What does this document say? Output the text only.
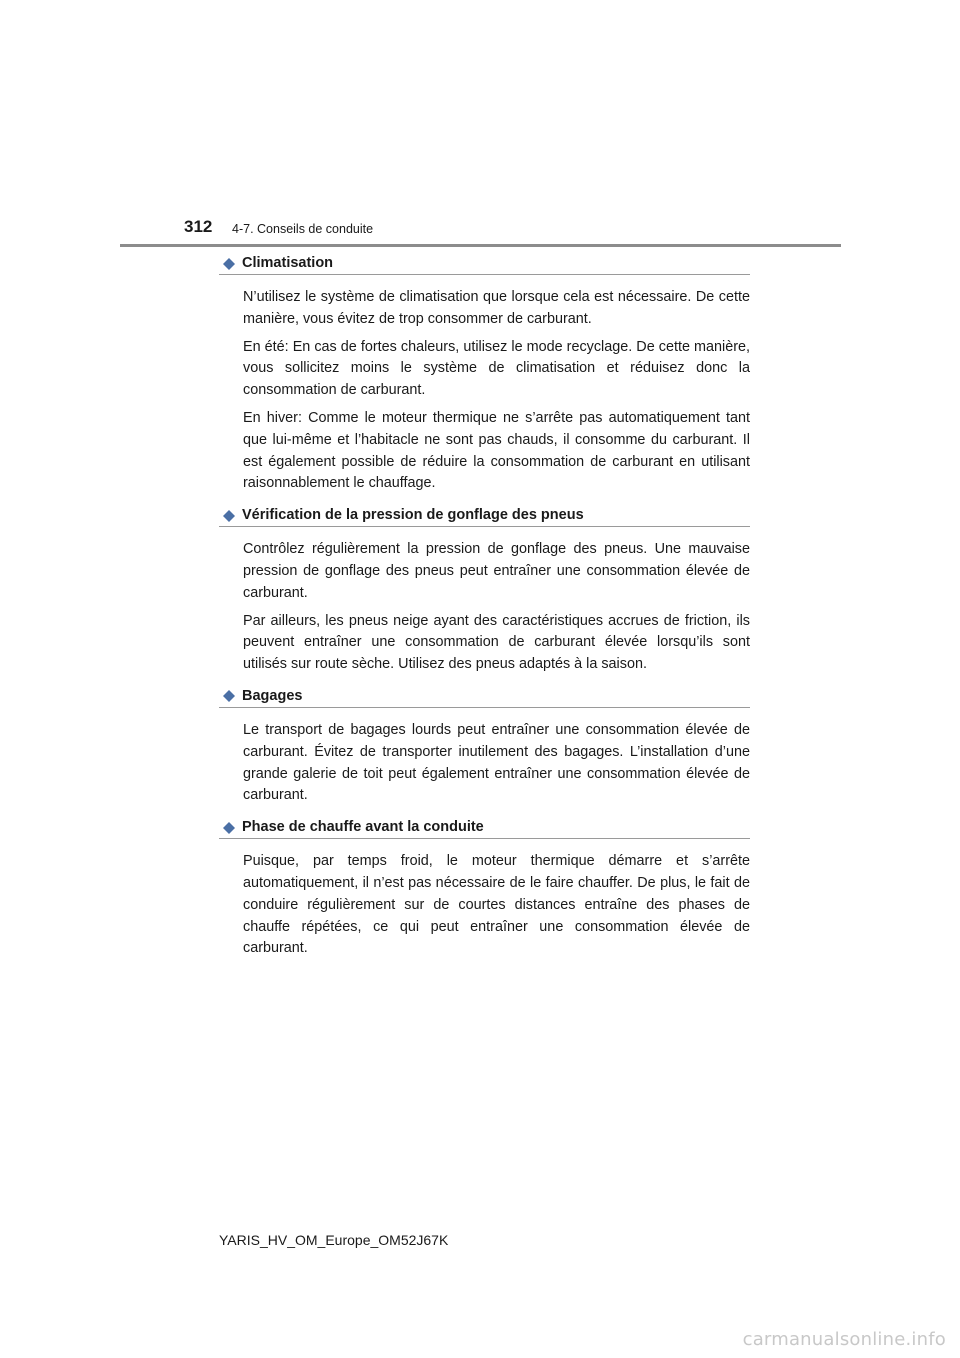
312 4-7. Conseils de conduite
Climatisation

N’utilisez le système de climatisation que lorsque cela est nécessaire. De cette manière, vous évitez de trop consommer de carburant.

En été: En cas de fortes chaleurs, utilisez le mode recyclage. De cette manière, vous sollicitez moins le système de climatisation et réduisez donc la consommation de carburant.

En hiver: Comme le moteur thermique ne s’arrête pas automatiquement tant que lui-même et l’habitacle ne sont pas chauds, il consomme du carburant. Il est également possible de réduire la consommation de carburant en utilisant raisonnablement le chauffage.

Vérification de la pression de gonflage des pneus

Contrôlez régulièrement la pression de gonflage des pneus. Une mauvaise pression de gonflage des pneus peut entraîner une consommation élevée de carburant.

Par ailleurs, les pneus neige ayant des caractéristiques accrues de friction, ils peuvent entraîner une consommation de carburant élevée lorsqu’ils sont utilisés sur route sèche. Utilisez des pneus adaptés à la saison.

Bagages

Le transport de bagages lourds peut entraîner une consommation élevée de carburant. Évitez de transporter inutilement des bagages. L’installation d’une grande galerie de toit peut également entraîner une consommation élevée de carburant.

Phase de chauffe avant la conduite

Puisque, par temps froid, le moteur thermique démarre et s’arrête automatiquement, il n’est pas nécessaire de le faire chauffer. De plus, le fait de conduire régulièrement sur de courtes distances entraîne des phases de chauffe répétées, ce qui peut entraîner une consommation élevée de carburant.

YARIS_HV_OM_Europe_OM52J67K
carmanualsonline.info
